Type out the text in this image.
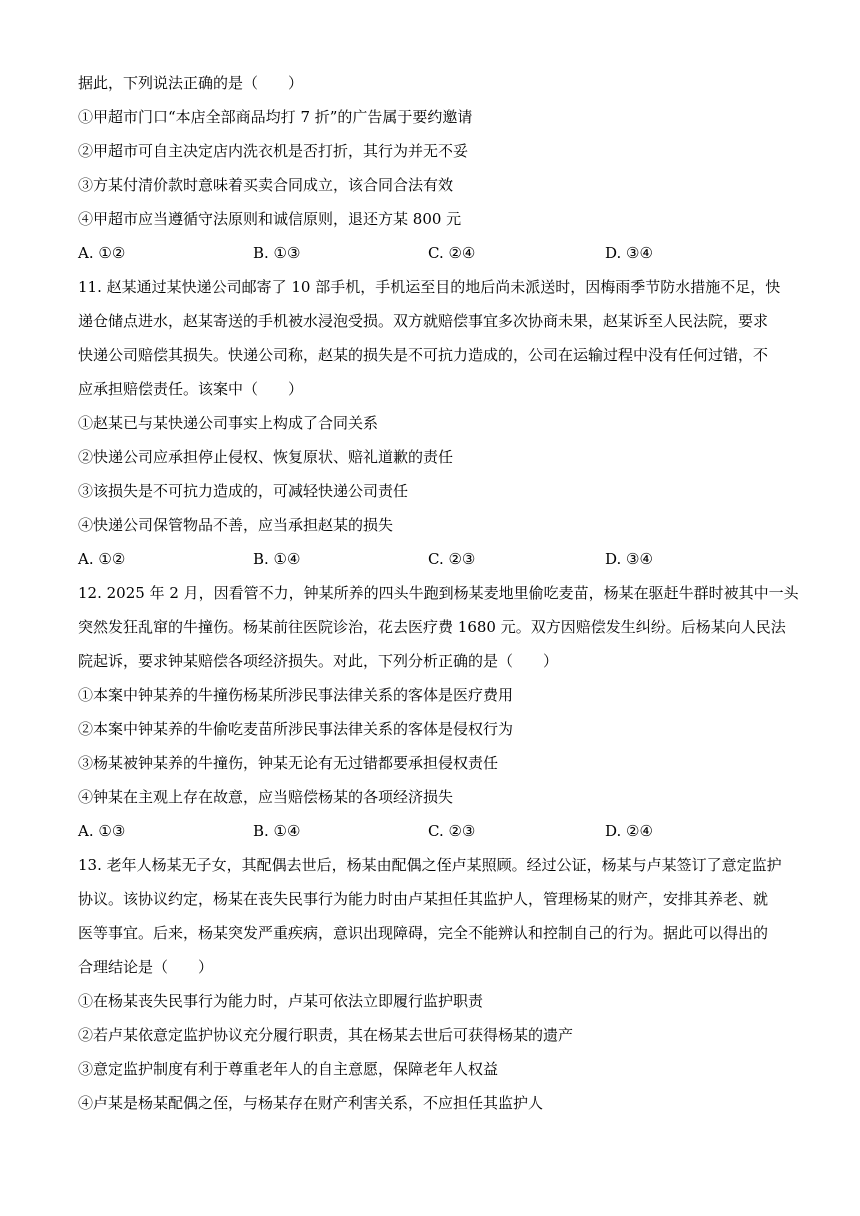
据此，下列说法正确的是（　　）
①甲超市门口“本店全部商品均打 7 折”的广告属于要约邀请
②甲超市可自主决定店内洗衣机是否打折，其行为并无不妥
③方某付清价款时意味着买卖合同成立，该合同合法有效
④甲超市应当遵循守法原则和诚信原则，退还方某 800 元
A. ①②	B. ①③	C. ②④	D. ③④
11. 赵某通过某快递公司邮寄了 10 部手机，手机运至目的地后尚未派送时，因梅雨季节防水措施不足，快
递仓储点进水，赵某寄送的手机被水浸泡受损。双方就赔偿事宜多次协商未果，赵某诉至人民法院，要求
快递公司赔偿其损失。快递公司称，赵某的损失是不可抗力造成的，公司在运输过程中没有任何过错，不
应承担赔偿责任。该案中（　　）
①赵某已与某快递公司事实上构成了合同关系
②快递公司应承担停止侵权、恢复原状、赔礼道歉的责任
③该损失是不可抗力造成的，可减轻快递公司责任
④快递公司保管物品不善，应当承担赵某的损失
A. ①②	B. ①④	C. ②③	D. ③④
12. 2025 年 2 月，因看管不力，钟某所养的四头牛跑到杨某麦地里偷吃麦苗，杨某在驱赶牛群时被其中一头
突然发狂乱窜的牛撞伤。杨某前往医院诊治，花去医疗费 1680 元。双方因赔偿发生纠纷。后杨某向人民法
院起诉，要求钟某赔偿各项经济损失。对此，下列分析正确的是（　　）
①本案中钟某养的牛撞伤杨某所涉民事法律关系的客体是医疗费用
②本案中钟某养的牛偷吃麦苗所涉民事法律关系的客体是侵权行为
③杨某被钟某养的牛撞伤，钟某无论有无过错都要承担侵权责任
④钟某在主观上存在故意，应当赔偿杨某的各项经济损失
A. ①③	B. ①④	C. ②③	D. ②④
13. 老年人杨某无子女，其配偶去世后，杨某由配偶之侄卢某照顾。经过公证，杨某与卢某签订了意定监护
协议。该协议约定，杨某在丧失民事行为能力时由卢某担任其监护人，管理杨某的财产，安排其养老、就
医等事宜。后来，杨某突发严重疾病，意识出现障碍，完全不能辨认和控制自己的行为。据此可以得出的
合理结论是（　　）
①在杨某丧失民事行为能力时，卢某可依法立即履行监护职责
②若卢某依意定监护协议充分履行职责，其在杨某去世后可获得杨某的遗产
③意定监护制度有利于尊重老年人的自主意愿，保障老年人权益
④卢某是杨某配偶之侄，与杨某存在财产利害关系，不应担任其监护人
